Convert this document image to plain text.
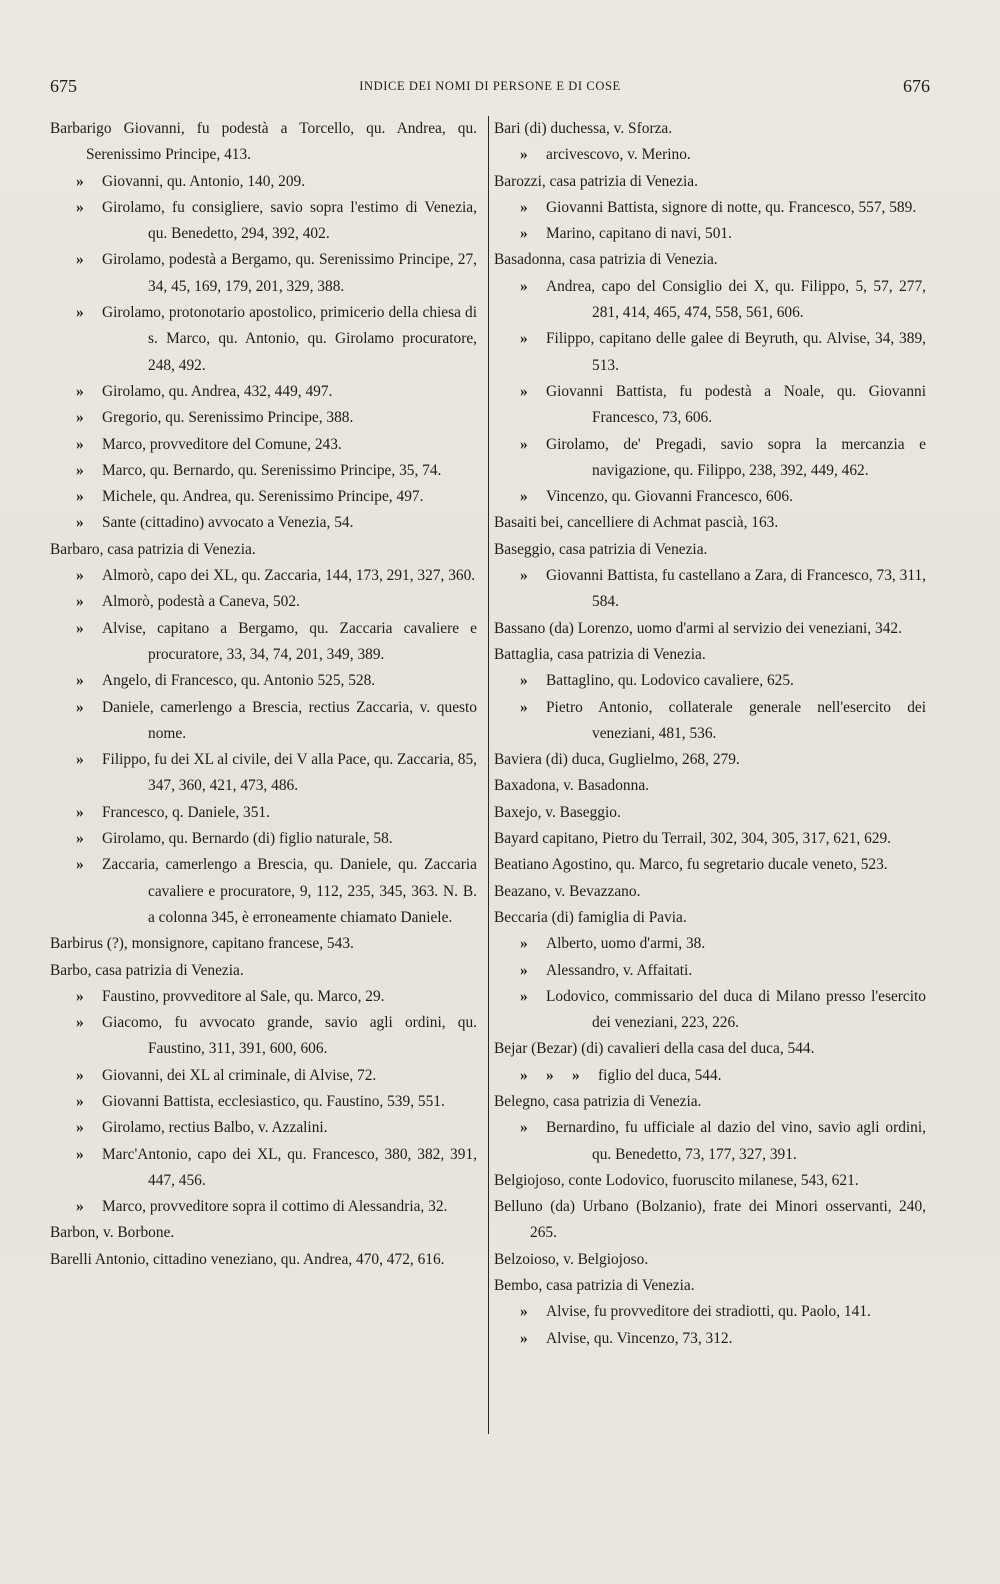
675	INDICE DEI NOMI DI PERSONE E DI COSE	676

Barbarigo Giovanni, fu podestà a Torcello, qu. Andrea, qu. Serenissimo Principe, 413.

» Giovanni, qu. Antonio, 140, 209.

» Girolamo, fu consigliere, savio sopra l'estimo di Venezia, qu. Benedetto, 294, 392, 402.

» Girolamo, podestà a Bergamo, qu. Serenissimo Principe, 27, 34, 45, 169, 179, 201, 329, 388.

» Girolamo, protonotario apostolico, primicerio della chiesa di s. Marco, qu. Antonio, qu. Girolamo procuratore, 248, 492.

» Girolamo, qu. Andrea, 432, 449, 497.

» Gregorio, qu. Serenissimo Principe, 388.

» Marco, provveditore del Comune, 243.

» Marco, qu. Bernardo, qu. Serenissimo Principe, 35, 74.

» Michele, qu. Andrea, qu. Serenissimo Principe, 497.

» Sante (cittadino) avvocato a Venezia, 54.

Barbaro, casa patrizia di Venezia.

» Almorò, capo dei XL, qu. Zaccaria, 144, 173, 291, 327, 360.

» Almorò, podestà a Caneva, 502.

» Alvise, capitano a Bergamo, qu. Zaccaria cavaliere e procuratore, 33, 34, 74, 201, 349, 389.

» Angelo, di Francesco, qu. Antonio 525, 528.

» Daniele, camerlengo a Brescia, rectius Zaccaria, v. questo nome.

» Filippo, fu dei XL al civile, dei V alla Pace, qu. Zaccaria, 85, 347, 360, 421, 473, 486.

» Francesco, q. Daniele, 351.

» Girolamo, qu. Bernardo (di) figlio naturale, 58.

» Zaccaria, camerlengo a Brescia, qu. Daniele, qu. Zaccaria cavaliere e procuratore, 9, 112, 235, 345, 363. N. B. a colonna 345, è erroneamente chiamato Daniele.

Barbirus (?), monsignore, capitano francese, 543.

Barbo, casa patrizia di Venezia.

» Faustino, provveditore al Sale, qu. Marco, 29.

» Giacomo, fu avvocato grande, savio agli ordini, qu. Faustino, 311, 391, 600, 606.

» Giovanni, dei XL al criminale, di Alvise, 72.

» Giovanni Battista, ecclesiastico, qu. Faustino, 539, 551.

» Girolamo, rectius Balbo, v. Azzalini.

» Marc'Antonio, capo dei XL, qu. Francesco, 380, 382, 391, 447, 456.

» Marco, provveditore sopra il cottimo di Alessandria, 32.

Barbon, v. Borbone.

Barelli Antonio, cittadino veneziano, qu. Andrea, 470, 472, 616.

Bari (di) duchessa, v. Sforza.

» arcivescovo, v. Merino.

Barozzi, casa patrizia di Venezia.

» Giovanni Battista, signore di notte, qu. Francesco, 557, 589.

» Marino, capitano di navi, 501.

Basadonna, casa patrizia di Venezia.

» Andrea, capo del Consiglio dei X, qu. Filippo, 5, 57, 277, 281, 414, 465, 474, 558, 561, 606.

» Filippo, capitano delle galee di Beyruth, qu. Alvise, 34, 389, 513.

» Giovanni Battista, fu podestà a Noale, qu. Giovanni Francesco, 73, 606.

» Girolamo, de' Pregadi, savio sopra la mercanzia e navigazione, qu. Filippo, 238, 392, 449, 462.

» Vincenzo, qu. Giovanni Francesco, 606.

Basaiti bei, cancelliere di Achmat pascià, 163.

Baseggio, casa patrizia di Venezia.

» Giovanni Battista, fu castellano a Zara, di Francesco, 73, 311, 584.

Bassano (da) Lorenzo, uomo d'armi al servizio dei veneziani, 342.

Battaglia, casa patrizia di Venezia.

» Battaglino, qu. Lodovico cavaliere, 625.

» Pietro Antonio, collaterale generale nell'esercito dei veneziani, 481, 536.

Baviera (di) duca, Guglielmo, 268, 279.

Baxadona, v. Basadonna.

Baxejo, v. Baseggio.

Bayard capitano, Pietro du Terrail, 302, 304, 305, 317, 621, 629.

Beatiano Agostino, qu. Marco, fu segretario ducale veneto, 523.

Beazano, v. Bevazzano.

Beccaria (di) famiglia di Pavia.

» Alberto, uomo d'armi, 38.

» Alessandro, v. Affaitati.

» Lodovico, commissario del duca di Milano presso l'esercito dei veneziani, 223, 226.

Bejar (Bezar) (di) cavalieri della casa del duca, 544.

» » » figlio del duca, 544.

Belegno, casa patrizia di Venezia.

» Bernardino, fu ufficiale al dazio del vino, savio agli ordini, qu. Benedetto, 73, 177, 327, 391.

Belgiojoso, conte Lodovico, fuoruscito milanese, 543, 621.

Belluno (da) Urbano (Bolzanio), frate dei Minori osservanti, 240, 265.

Belzoioso, v. Belgiojoso.

Bembo, casa patrizia di Venezia.

» Alvise, fu provveditore dei stradiotti, qu. Paolo, 141.

» Alvise, qu. Vincenzo, 73, 312.
